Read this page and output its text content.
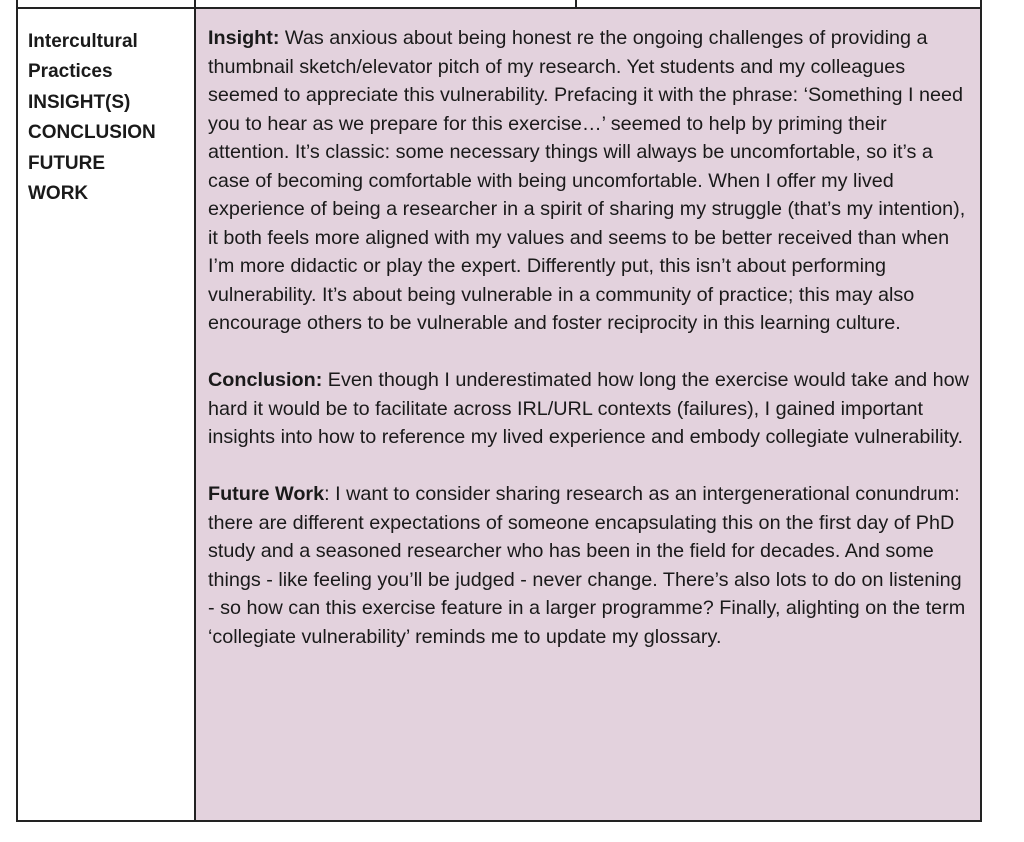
Intercultural
Practices
INSIGHT(S)
CONCLUSION
FUTURE
WORK

Insight: Was anxious about being honest re the ongoing challenges of providing a thumbnail sketch/elevator pitch of my research. Yet students and my colleagues seemed to appreciate this vulnerability. Prefacing it with the phrase: ‘Something I need you to hear as we prepare for this exercise…’ seemed to help by priming their attention. It’s classic: some necessary things will always be uncomfortable, so it’s a case of becoming comfortable with being uncomfortable. When I offer my lived experience of being a researcher in a spirit of sharing my struggle (that’s my intention), it both feels more aligned with my values and seems to be better received than when I’m more didactic or play the expert. Differently put, this isn’t about performing vulnerability. It’s about being vulnerable in a community of practice; this may also encourage others to be vulnerable and foster reciprocity in this learning culture.

Conclusion: Even though I underestimated how long the exercise would take and how hard it would be to facilitate across IRL/URL contexts (failures), I gained important insights into how to reference my lived experience and embody collegiate vulnerability.

Future Work: I want to consider sharing research as an intergenerational conundrum: there are different expectations of someone encapsulating this on the first day of PhD study and a seasoned researcher who has been in the field for decades. And some things - like feeling you’ll be judged - never change. There’s also lots to do on listening - so how can this exercise feature in a larger programme? Finally, alighting on the term ‘collegiate vulnerability’ reminds me to update my glossary.
